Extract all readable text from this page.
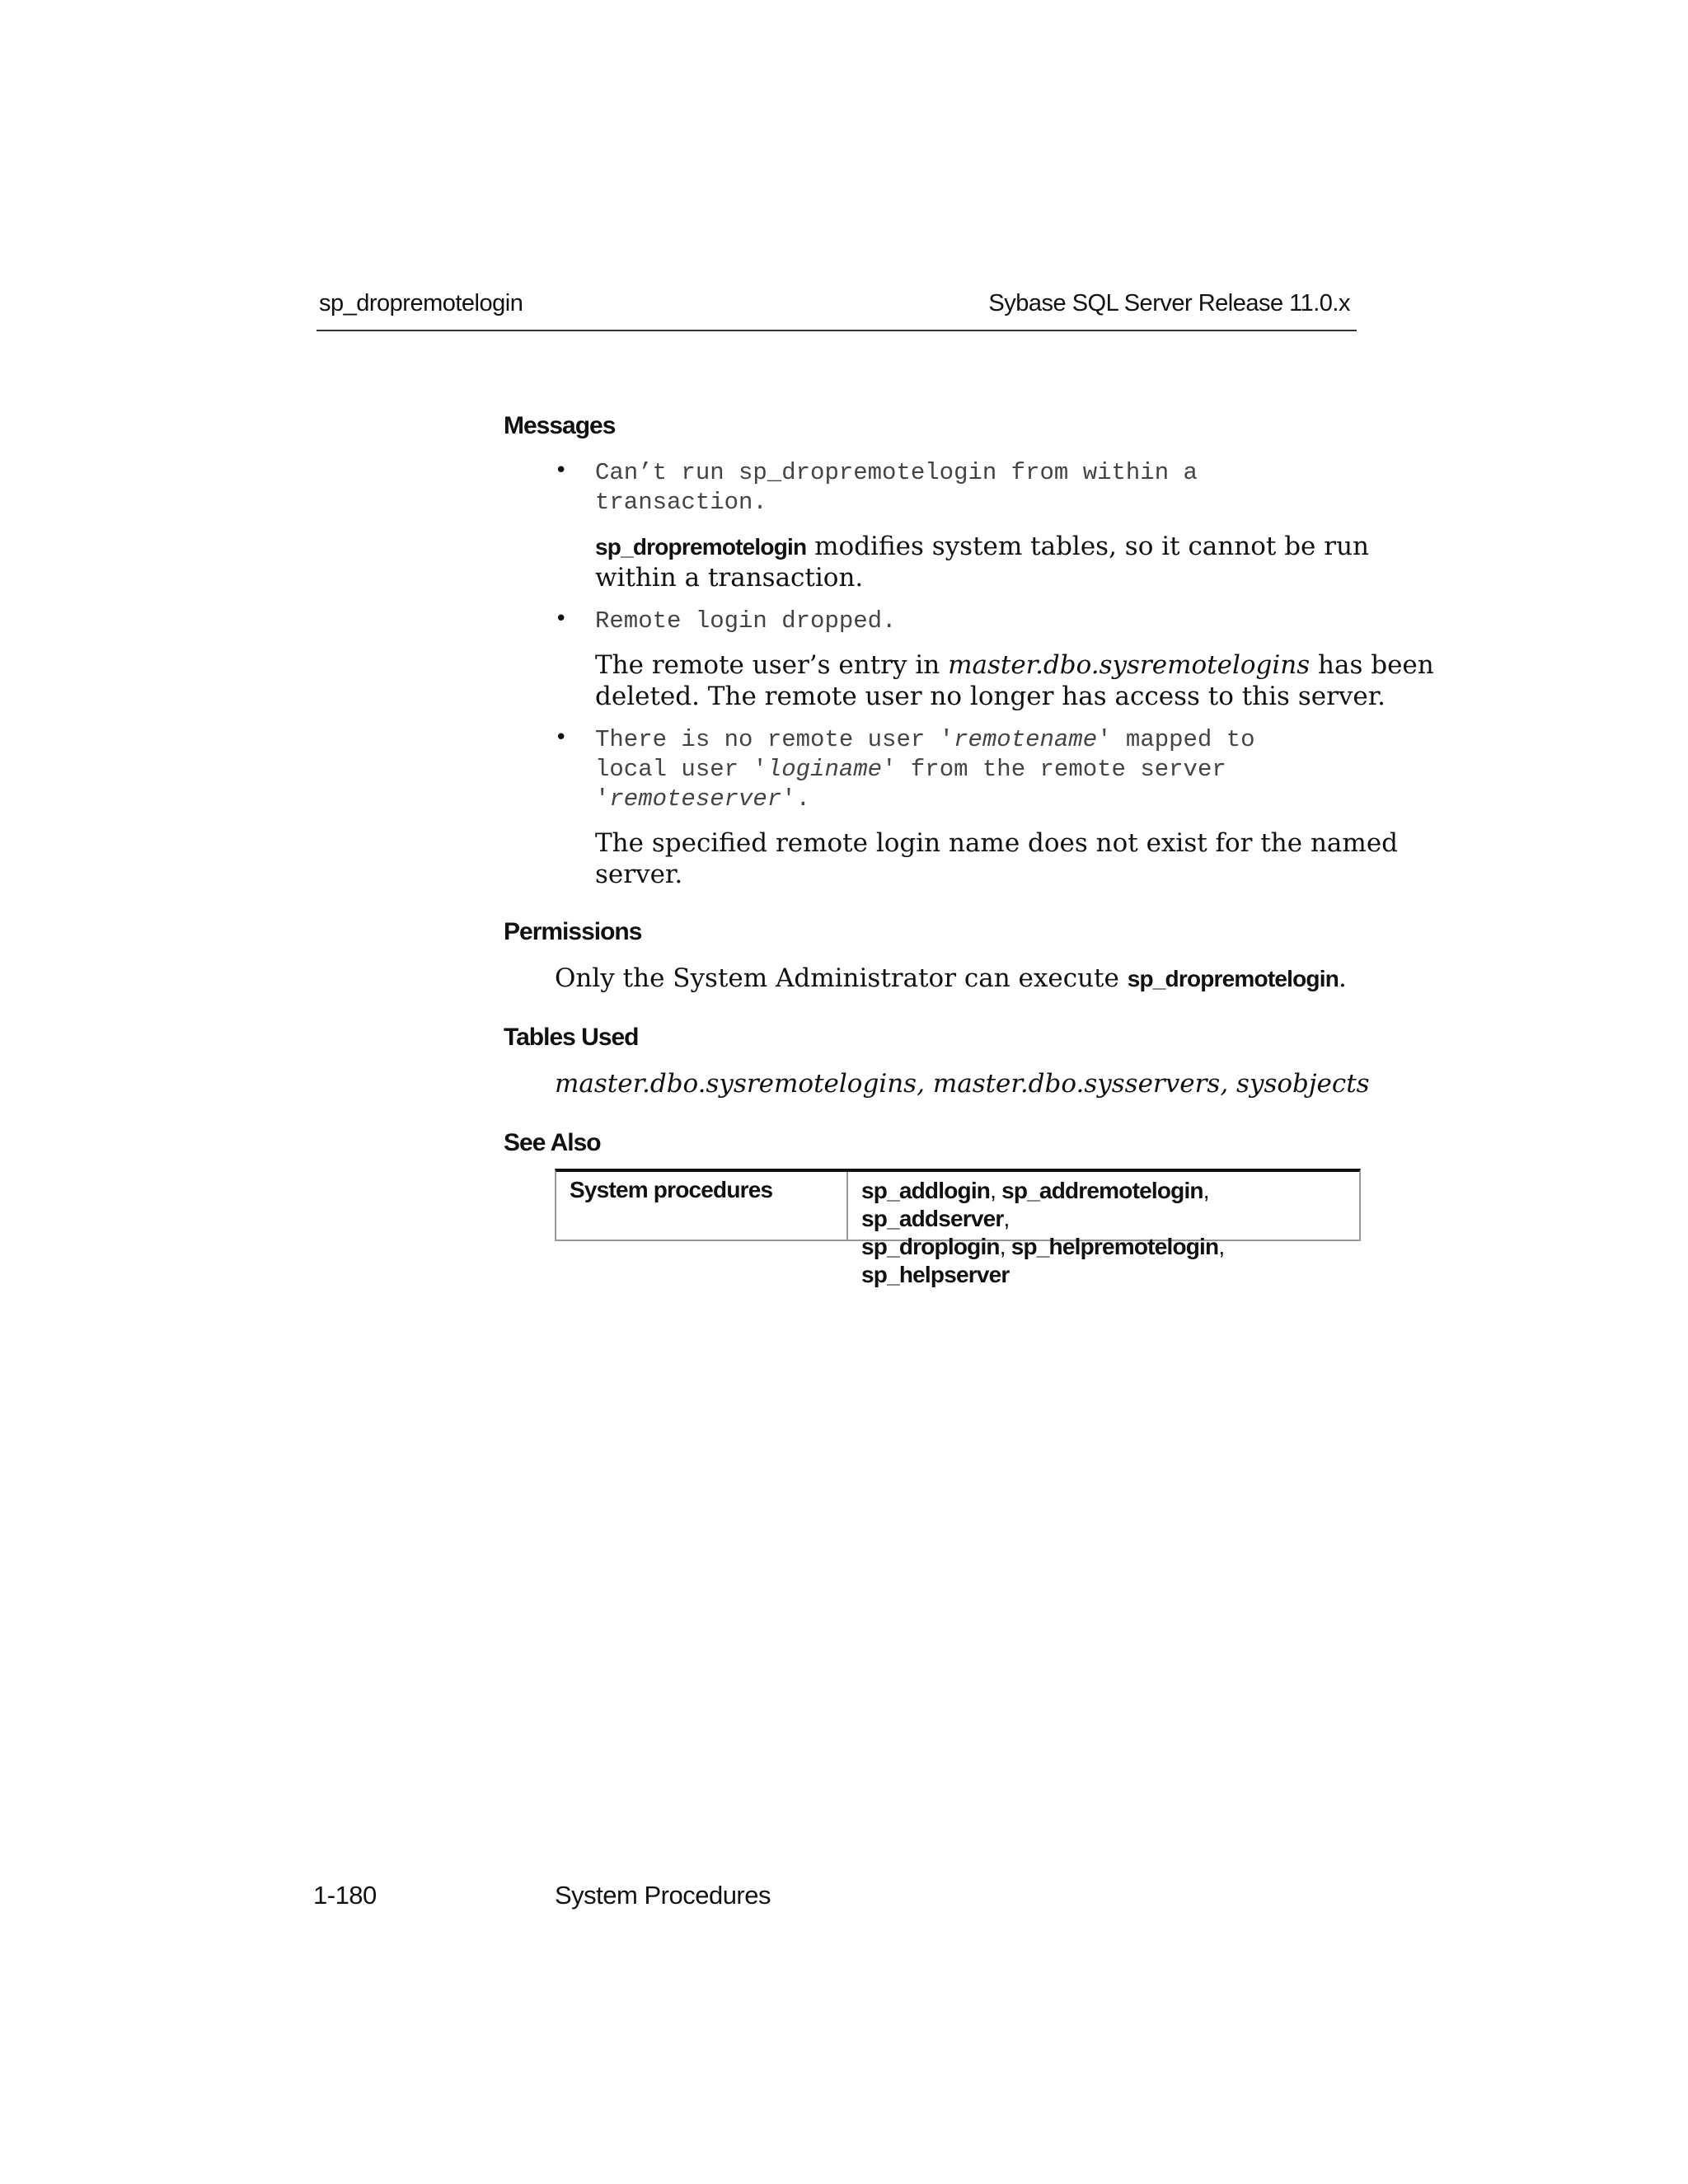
sp_dropremotelogin	Sybase SQL Server Release 11.0.x
Messages
• Can’t run sp_dropremotelogin from within a
transaction.
sp_dropremotelogin modifies system tables, so it cannot be run
within a transaction.
• Remote login dropped.
The remote user’s entry in master.dbo.sysremotelogins has been
deleted. The remote user no longer has access to this server.
• There is no remote user 'remotename' mapped to
local user 'loginame' from the remote server
'remoteserver'.
The specified remote login name does not exist for the named
server.
Permissions
Only the System Administrator can execute sp_dropremotelogin.
Tables Used
master.dbo.sysremotelogins, master.dbo.sysservers, sysobjects
See Also
System procedures	sp_addlogin, sp_addremotelogin, sp_addserver,
sp_droplogin, sp_helpremotelogin, sp_helpserver
1-180	System Procedures
